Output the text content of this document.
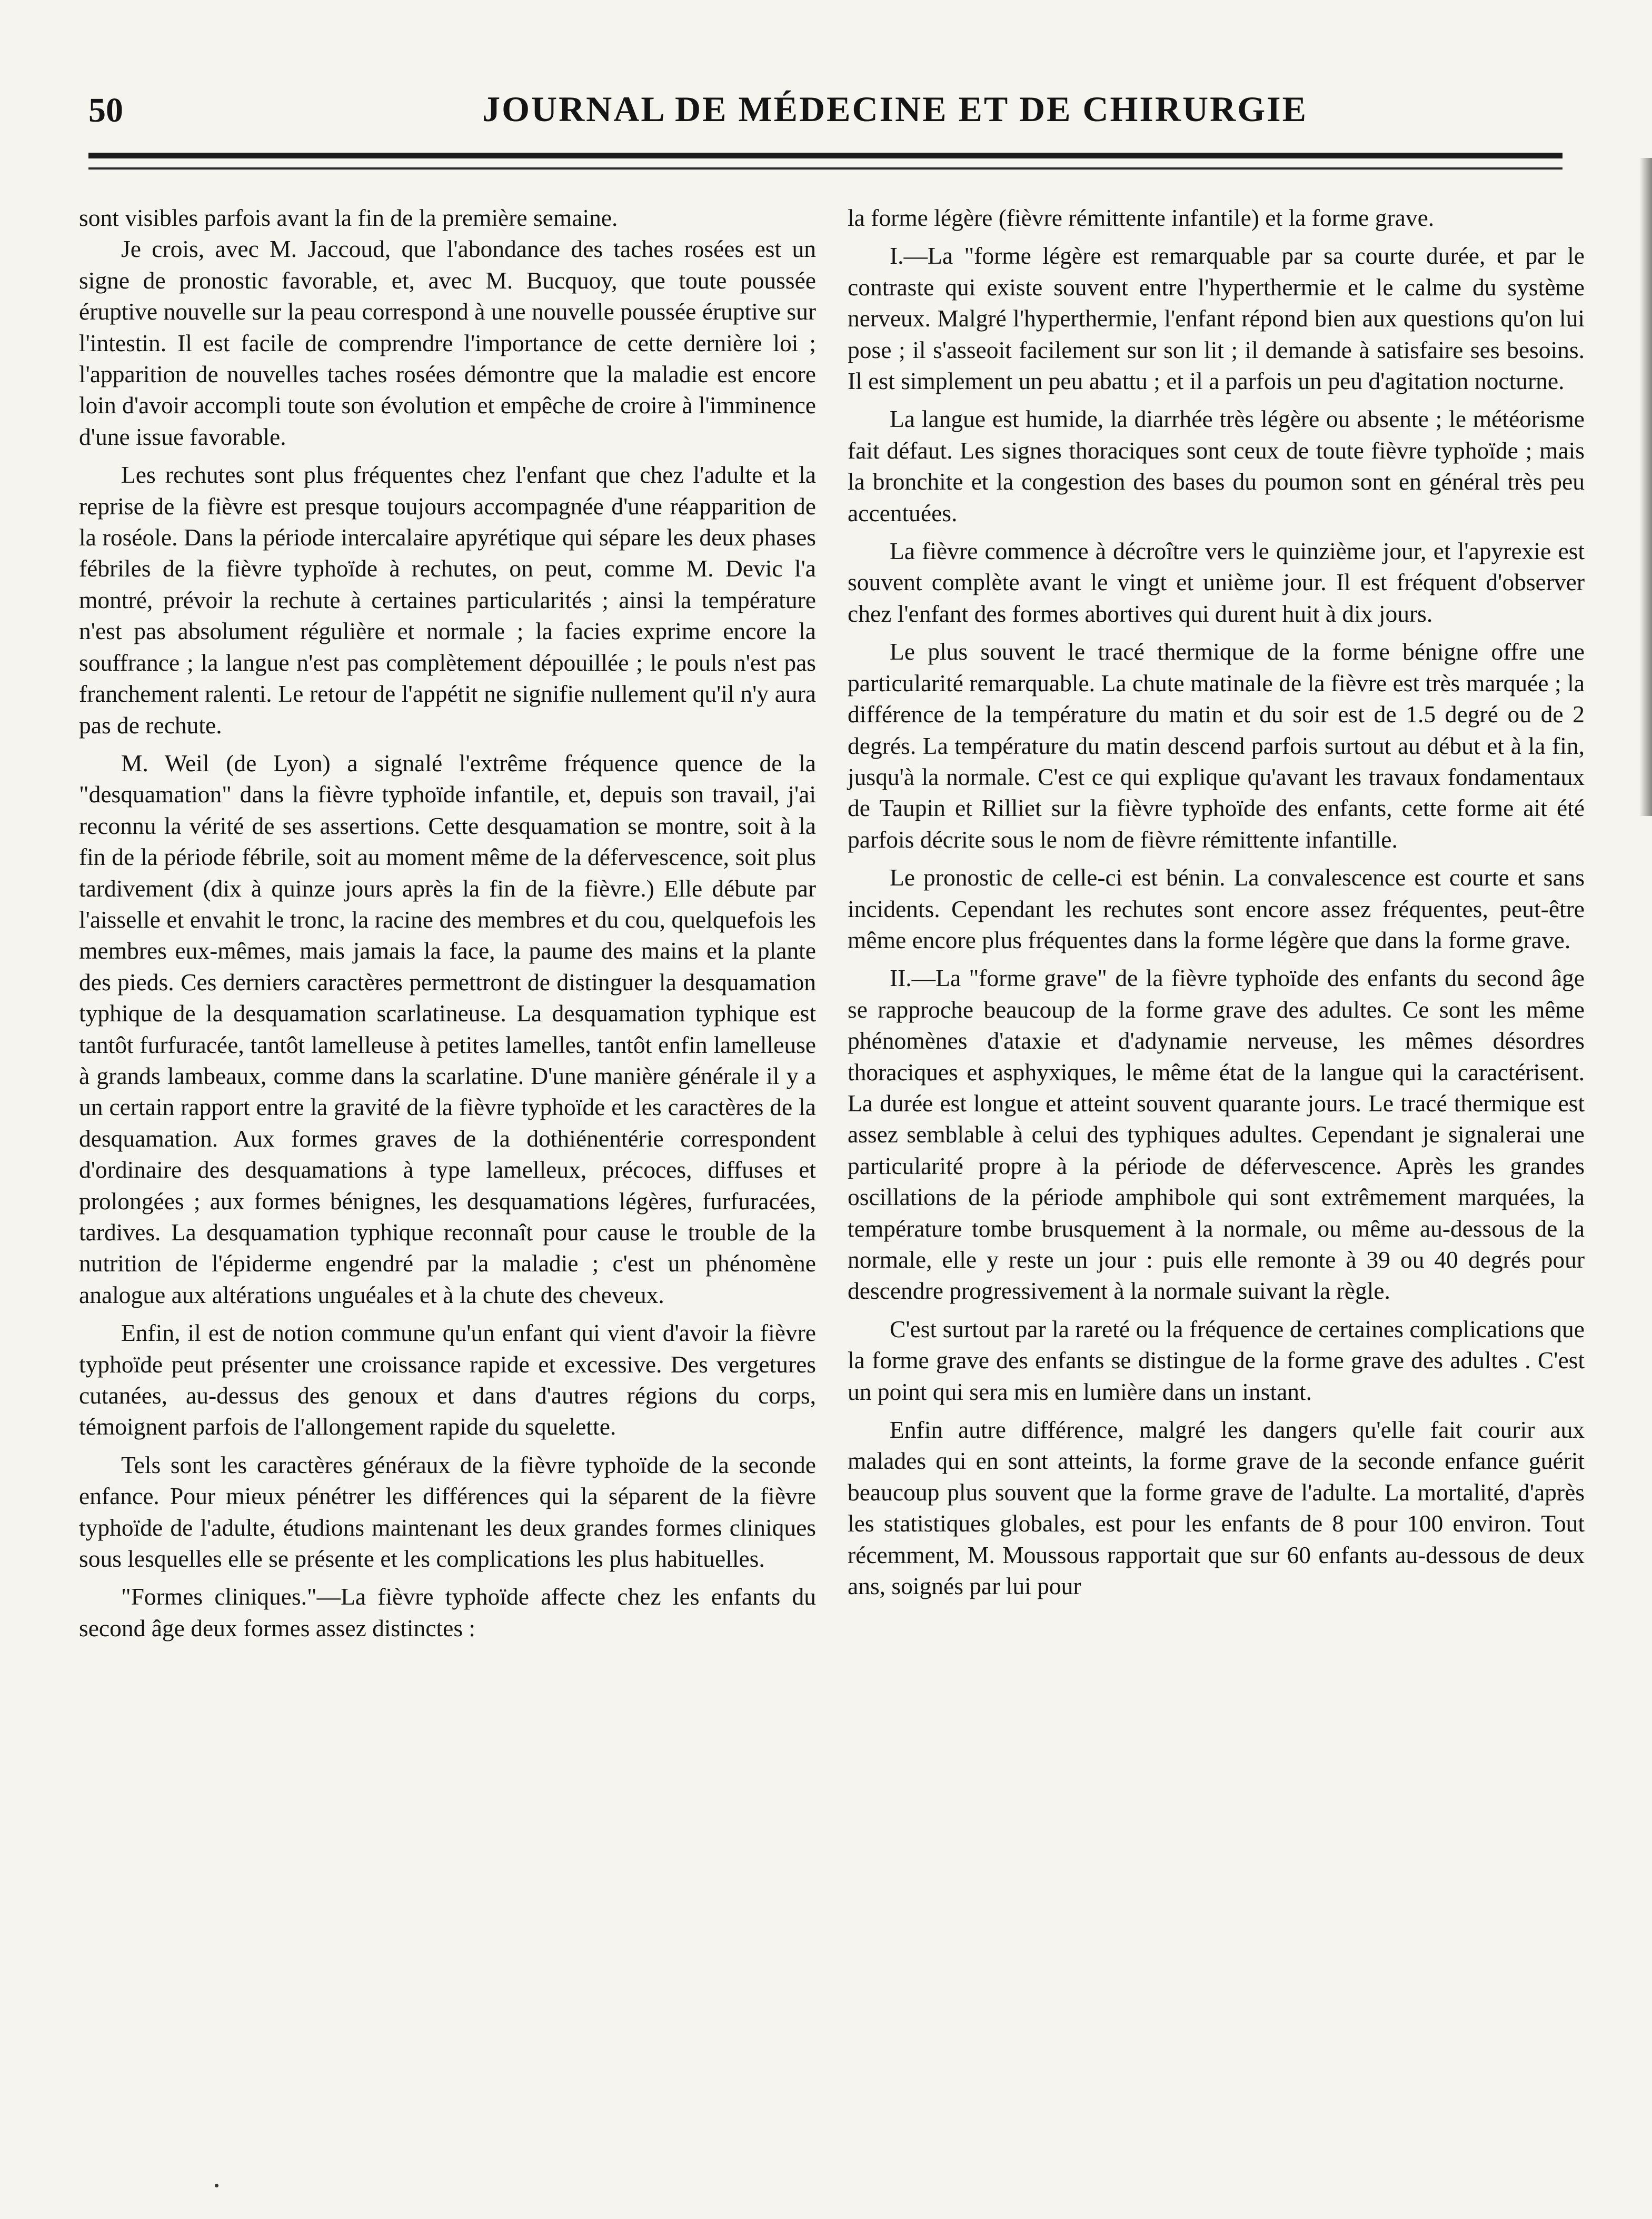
50	JOURNAL DE MÉDECINE ET DE CHIRURGIE

sont visibles parfois avant la fin de la première semaine.

Je crois, avec M. Jaccoud, que l'abondance des taches rosées est un signe de pronostic favorable, et, avec M. Bucquoy, que toute poussée éruptive nouvelle sur la peau correspond à une nouvelle poussée éruptive sur l'intestin. Il est facile de comprendre l'importance de cette dernière loi ; l'apparition de nouvelles taches rosées démontre que la maladie est encore loin d'avoir accompli toute son évolution et empêche de croire à l'imminence d'une issue favorable.

Les rechutes sont plus fréquentes chez l'enfant que chez l'adulte et la reprise de la fièvre est presque toujours accompagnée d'une réapparition de la roséole. Dans la période intercalaire apyrétique qui sépare les deux phases fébriles de la fièvre typhoïde à rechutes, on peut, comme M. Devic l'a montré, prévoir la rechute à certaines particularités ; ainsi la température n'est pas absolument régulière et normale ; la facies exprime encore la souffrance ; la langue n'est pas complètement dépouillée ; le pouls n'est pas franchement ralenti. Le retour de l'appétit ne signifie nullement qu'il n'y aura pas de rechute.

M. Weil (de Lyon) a signalé l'extrême fréquence quence de la "desquamation" dans la fièvre typhoïde infantile, et, depuis son travail, j'ai reconnu la vérité de ses assertions. Cette desquamation se montre, soit à la fin de la période fébrile, soit au moment même de la défervescence, soit plus tardivement (dix à quinze jours après la fin de la fièvre.) Elle débute par l'aisselle et envahit le tronc, la racine des membres et du cou, quelquefois les membres eux-mêmes, mais jamais la face, la paume des mains et la plante des pieds. Ces derniers caractères permettront de distinguer la desquamation typhique de la desquamation scarlatineuse. La desquamation typhique est tantôt furfuracée, tantôt lamelleuse à petites lamelles, tantôt enfin lamelleuse à grands lambeaux, comme dans la scarlatine. D'une manière générale il y a un certain rapport entre la gravité de la fièvre typhoïde et les caractères de la desquamation. Aux formes graves de la dothiénentérie correspondent d'ordinaire des desquamations à type lamelleux, précoces, diffuses et prolongées ; aux formes bénignes, les desquamations légères, furfuracées, tardives. La desquamation typhique reconnaît pour cause le trouble de la nutrition de l'épiderme engendré par la maladie ; c'est un phénomène analogue aux altérations unguéales et à la chute des cheveux.

Enfin, il est de notion commune qu'un enfant qui vient d'avoir la fièvre typhoïde peut présenter une croissance rapide et excessive. Des vergetures cutanées, au-dessus des genoux et dans d'autres régions du corps, témoignent parfois de l'allongement rapide du squelette.

Tels sont les caractères généraux de la fièvre typhoïde de la seconde enfance. Pour mieux pénétrer les différences qui la séparent de la fièvre typhoïde de l'adulte, étudions maintenant les deux grandes formes cliniques sous lesquelles elle se présente et les complications les plus habituelles.

"Formes cliniques."—La fièvre typhoïde affecte chez les enfants du second âge deux formes assez distinctes :

la forme légère (fièvre rémittente infantile) et la forme grave.

I.—La "forme légère est remarquable par sa courte durée, et par le contraste qui existe souvent entre l'hyperthermie et le calme du système nerveux. Malgré l'hyperthermie, l'enfant répond bien aux questions qu'on lui pose ; il s'asseoit facilement sur son lit ; il demande à satisfaire ses besoins. Il est simplement un peu abattu ; et il a parfois un peu d'agitation nocturne.

La langue est humide, la diarrhée très légère ou absente ; le météorisme fait défaut. Les signes thoraciques sont ceux de toute fièvre typhoïde ; mais la bronchite et la congestion des bases du poumon sont en général très peu accentuées.

La fièvre commence à décroître vers le quinzième jour, et l'apyrexie est souvent complète avant le vingt et unième jour. Il est fréquent d'observer chez l'enfant des formes abortives qui durent huit à dix jours.

Le plus souvent le tracé thermique de la forme bénigne offre une particularité remarquable. La chute matinale de la fièvre est très marquée ; la différence de la température du matin et du soir est de 1.5 degré ou de 2 degrés. La température du matin descend parfois surtout au début et à la fin, jusqu'à la normale. C'est ce qui explique qu'avant les travaux fondamentaux de Taupin et Rilliet sur la fièvre typhoïde des enfants, cette forme ait été parfois décrite sous le nom de fièvre rémittente infantille.

Le pronostic de celle-ci est bénin. La convalescence est courte et sans incidents. Cependant les rechutes sont encore assez fréquentes, peut-être même encore plus fréquentes dans la forme légère que dans la forme grave.

II.—La "forme grave" de la fièvre typhoïde des enfants du second âge se rapproche beaucoup de la forme grave des adultes. Ce sont les même phénomènes d'ataxie et d'adynamie nerveuse, les mêmes désordres thoraciques et asphyxiques, le même état de la langue qui la caractérisent. La durée est longue et atteint souvent quarante jours. Le tracé thermique est assez semblable à celui des typhiques adultes. Cependant je signalerai une particularité propre à la période de défervescence. Après les grandes oscillations de la période amphibole qui sont extrêmement marquées, la température tombe brusquement à la normale, ou même au-dessous de la normale, elle y reste un jour : puis elle remonte à 39 ou 40 degrés pour descendre progressivement à la normale suivant la règle.

C'est surtout par la rareté ou la fréquence de certaines complications que la forme grave des enfants se distingue de la forme grave des adultes . C'est un point qui sera mis en lumière dans un instant.

Enfin autre différence, malgré les dangers qu'elle fait courir aux malades qui en sont atteints, la forme grave de la seconde enfance guérit beaucoup plus souvent que la forme grave de l'adulte. La mortalité, d'après les statistiques globales, est pour les enfants de 8 pour 100 environ. Tout récemment, M. Moussous rapportait que sur 60 enfants au-dessous de deux ans, soignés par lui pour
